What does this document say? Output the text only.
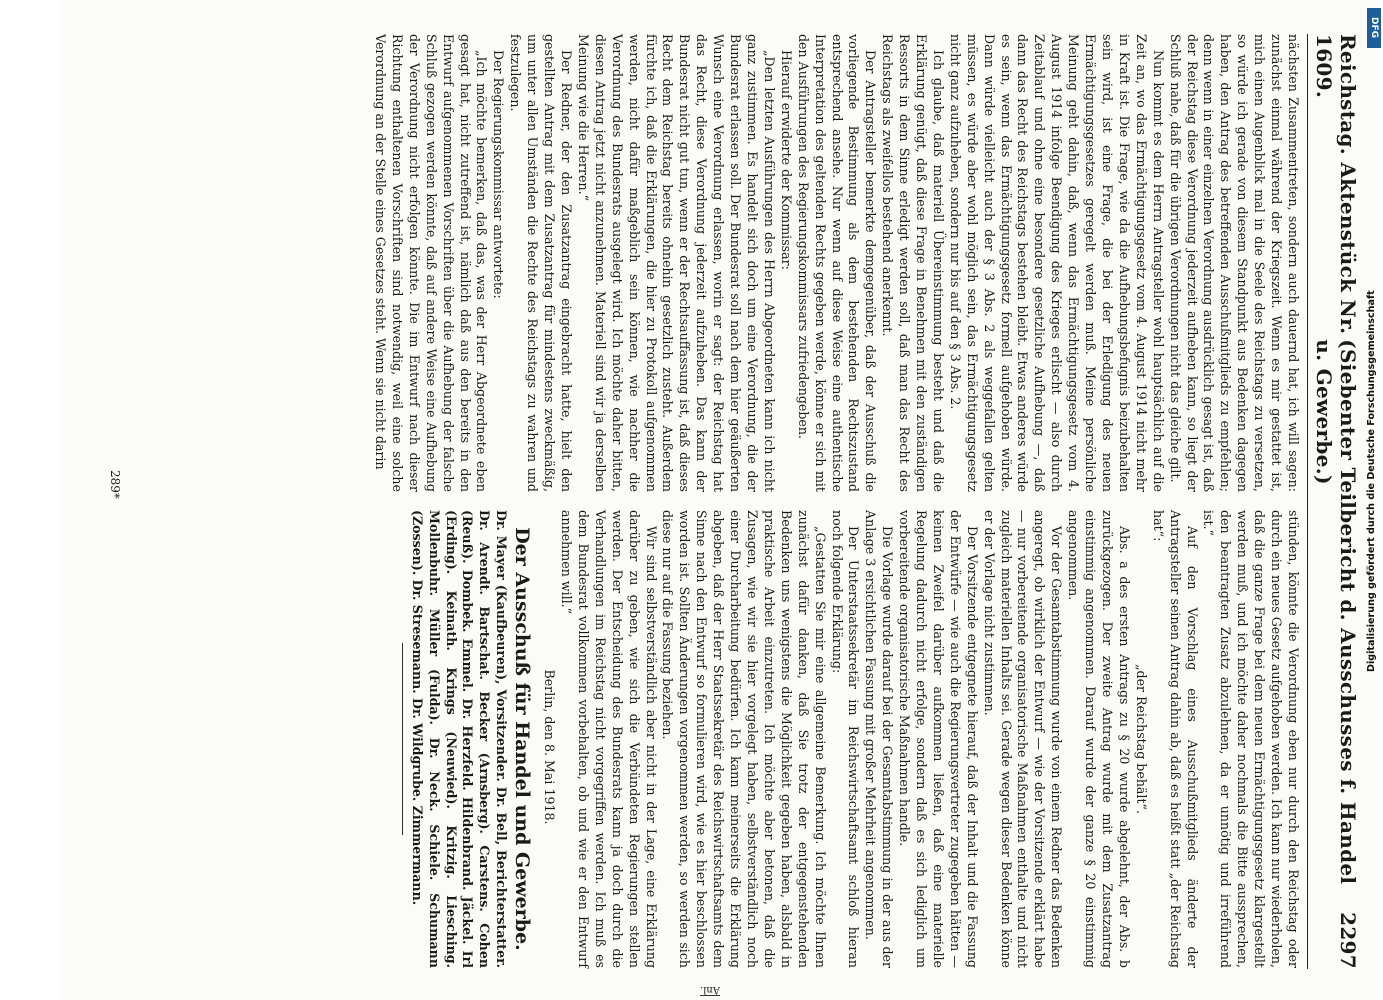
Reichstag. Aktenstück Nr. 1609.
(Siebenter Teilbericht d. Ausschusses f. Handel u. Gewerbe.)
2297

nächsten Zusammentreten, sondern auch dauernd hat, ich will sagen: zunächst einmal während der Kriegszeit. Wenn es mir gestattet ist, mich einen Augenblick mal in die Seele des Reichstags zu versetzen, so würde ich gerade von diesem Standpunkt aus Bedenken dagegen haben, den Antrag des betreffenden Ausschußmitglieds zu empfehlen; denn wenn in einer einzelnen Verordnung ausdrücklich gesagt ist, daß der Reichstag diese Verordnung jederzeit aufheben kann, so liegt der Schluß nahe, daß für die übrigen Verordnungen nicht das gleiche gilt.

Nun kommt es dem Herrn Antragsteller wohl hauptsächlich auf die Zeit an, wo das Ermächtigungsgesetz vom 4. August 1914 nicht mehr in Kraft ist. Die Frage, wie da die Aufhebungsbefugnis beizubehalten sein wird, ist eine Frage, die bei der Erledigung des neuen Ermächtigungsgesetzes geregelt werden muß. Meine persönliche Meinung geht dahin, daß, wenn das Ermächtigungsgesetz vom 4. August 1914 infolge Beendigung des Krieges erlischt — also durch Zeitablauf und ohne eine besondere gesetzliche Aufhebung —, daß dann das Recht des Reichstags bestehen bleibt. Etwas anderes würde es sein, wenn das Ermächtigungsgesetz formell aufgehoben würde. Dann würde vielleicht auch der § 3 Abs. 2 als weggefallen gelten müssen, es würde aber wohl möglich sein, das Ermächtigungsgesetz nicht ganz aufzuheben, sondern nur bis auf den § 3 Abs. 2.

Ich glaube, daß materiell Übereinstimmung besteht und daß die Erklärung genügt, daß diese Frage in Benehmen mit den zuständigen Ressorts in dem Sinne erledigt werden soll, daß man das Recht des Reichstags als zweifellos bestehend anerkennt.

Der Antragsteller bemerkte demgegenüber, daß der Ausschuß die vorliegende Bestimmung als dem bestehenden Rechtszustand entsprechend ansehe. Nur wenn auf diese Weise eine authentische Interpretation des geltenden Rechts gegeben werde, könne er sich mit den Ausführungen des Regierungskommissars zufriedengeben.

Hierauf erwiderte der Kommissar:

„Den letzten Ausführungen des Herrn Abgeordneten kann ich nicht ganz zustimmen. Es handelt sich doch um eine Verordnung, die der Bundesrat erlassen soll. Der Bundesrat soll nach dem hier geäußerten Wunsch eine Verordnung erlassen, worin er sagt: der Reichstag hat das Recht, diese Verordnung jederzeit aufzuheben. Das kann der Bundesrat nicht gut tun, wenn er der Rechtsauffassung ist, daß dieses Recht dem Reichstag bereits ohnehin gesetzlich zusteht. Außerdem fürchte ich, daß die Erklärungen, die hier zu Protokoll aufgenommen werden, nicht dafür maßgeblich sein können, wie nachher die Verordnung des Bundesrats ausgelegt wird. Ich möchte daher bitten, diesen Antrag jetzt nicht anzunehmen. Materiell sind wir ja derselben Meinung wie die Herren.“

Der Redner, der den Zusatzantrag eingebracht hatte, hielt den gestellten Antrag mit dem Zusatzantrag für mindestens zweckmäßig, um unter allen Umständen die Rechte des Reichstags zu wahren und festzulegen.

Der Regierungskommissar antwortete:

„Ich möchte bemerken, daß das, was der Herr Abgeordnete eben gesagt hat, nicht zutreffend ist, nämlich daß aus den bereits in den Entwurf aufgenommenen Vorschriften über die Aufhebung der falsche Schluß gezogen werden könnte, daß auf andere Weise eine Aufhebung der Verordnung nicht erfolgen könnte. Die im Entwurf nach dieser Richtung enthaltenen Vorschriften sind notwendig, weil eine solche Verordnung an der Stelle eines Gesetzes steht. Wenn sie nicht darin

stünden, könnte die Verordnung eben nur durch den Reichstag oder durch ein neues Gesetz aufgehoben werden. Ich kann nur wiederholen, daß die ganze Frage bei dem neuen Ermächtigungsgesetz klargestellt werden muß, und ich möchte daher nochmals die Bitte aussprechen, den beantragten Zusatz abzulehnen, da er unnötig und irreführend ist.“

Auf den Vorschlag eines Ausschußmitglieds änderte der Antragsteller seinen Antrag dahin ab, daß es heißt statt „der Reichstag hat“:

„der Reichstag behält“.

Abs. a des ersten Antrags zu § 20 wurde abgelehnt, der Abs. b zurückgezogen. Der zweite Antrag wurde mit dem Zusatzantrag einstimmig angenommen. Darauf wurde der ganze § 20 einstimmig angenommen.

Vor der Gesamtabstimmung wurde von einem Redner das Bedenken angeregt, ob wirklich der Entwurf — wie der Vorsitzende erklärt habe — nur vorbereitende organisatorische Maßnahmen enthalte und nicht zugleich materiellen Inhalts sei. Gerade wegen dieser Bedenken könne er der Vorlage nicht zustimmen.

Der Vorsitzende entgegnete hierauf, daß der Inhalt und die Fassung der Entwürfe — wie auch die Regierungsvertreter zugegeben hätten — keinen Zweifel darüber aufkommen ließen, daß eine materielle Regelung dadurch nicht erfolge, sondern daß es sich lediglich um vorbereitende organisatorische Maßnahmen handle.

Die Vorlage wurde darauf bei der Gesamtabstimmung in der aus der Anlage 3 ersichtlichen Fassung mit großer Mehrheit angenommen.

Der Unterstaatssekretär im Reichswirtschaftsamt schloß hieran noch folgende Erklärung:

„Gestatten Sie mir eine allgemeine Bemerkung. Ich möchte Ihnen zunächst dafür danken, daß Sie trotz der entgegenstehenden Bedenken uns wenigstens die Möglichkeit gegeben haben, alsbald in praktische Arbeit einzutreten. Ich möchte aber betonen, daß die Zusagen, wie wir sie hier vorgelegt haben, selbstverständlich noch einer Durcharbeitung bedürfen. Ich kann meinerseits die Erklärung abgeben, daß der Herr Staatssekretär des Reichswirtschaftsamts dem Sinne nach den Entwurf so formulieren wird, wie es hier beschlossen worden ist. Sollten Änderungen vorgenommen werden, so werden sich diese nur auf die Fassung beziehen.

Wir sind selbstverständlich aber nicht in der Lage, eine Erklärung darüber zu geben, wie sich die Verbündeten Regierungen stellen werden. Der Entscheidung des Bundesrats kann ja doch durch die Verhandlungen im Reichstag nicht vorgegriffen werden. Ich muß es dem Bundesrat vollkommen vorbehalten, ob und wie er den Entwurf annehmen will.“

Berlin, den 8. Mai 1918.

Der Ausschuß für Handel und Gewerbe.

Dr. Mayer (Kaufbeuren), Vorsitzender. Dr. Bell, Berichterstatter. Dr. Arendt. Bartschat. Becker (Arnsberg). Carstens. Cohen (Reuß). Dombek. Emmel. Dr. Herzfeld. Hildenbrand. Jäckel. Irl (Erding). Keinath. Krings (Neuwied). Kritzig. Liesching. Mollenbuhr. Müller (Fulda). Dr. Neck. Schiele. Schumann (Zossen). Dr. Stresemann. Dr. Wildgrube. Zimmermann.

Anl.
289*
DFG
Digitalisierung gefördert durch die Deutsche Forschungsgemeinschaft
